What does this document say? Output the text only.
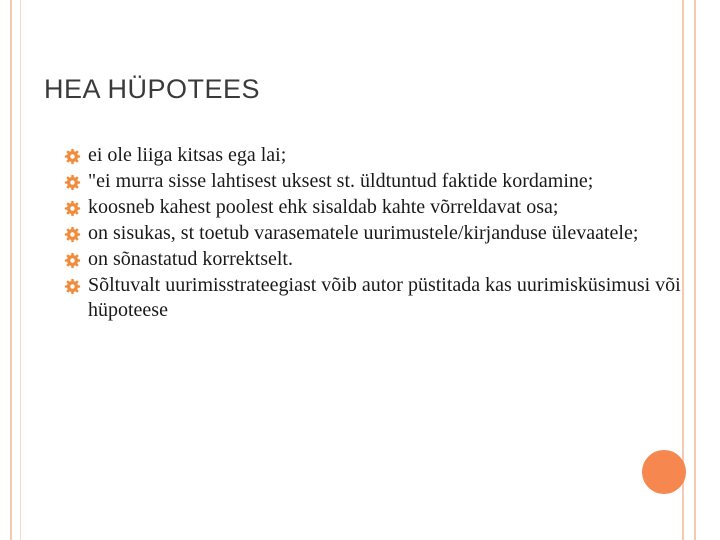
HEA HÜPOTEES
ei ole liiga kitsas ega lai;
"ei murra sisse lahtisest uksest st. üldtuntud faktide kordamine;
koosneb kahest poolest ehk sisaldab kahte võrreldavat osa;
on sisukas, st toetub varasematele uurimustele/kirjanduse ülevaatele;
on sõnastatud korrektselt.
Sõltuvalt uurimisstrateegiast võib autor püstitada kas uurimisküsimusi või hüpoteese
